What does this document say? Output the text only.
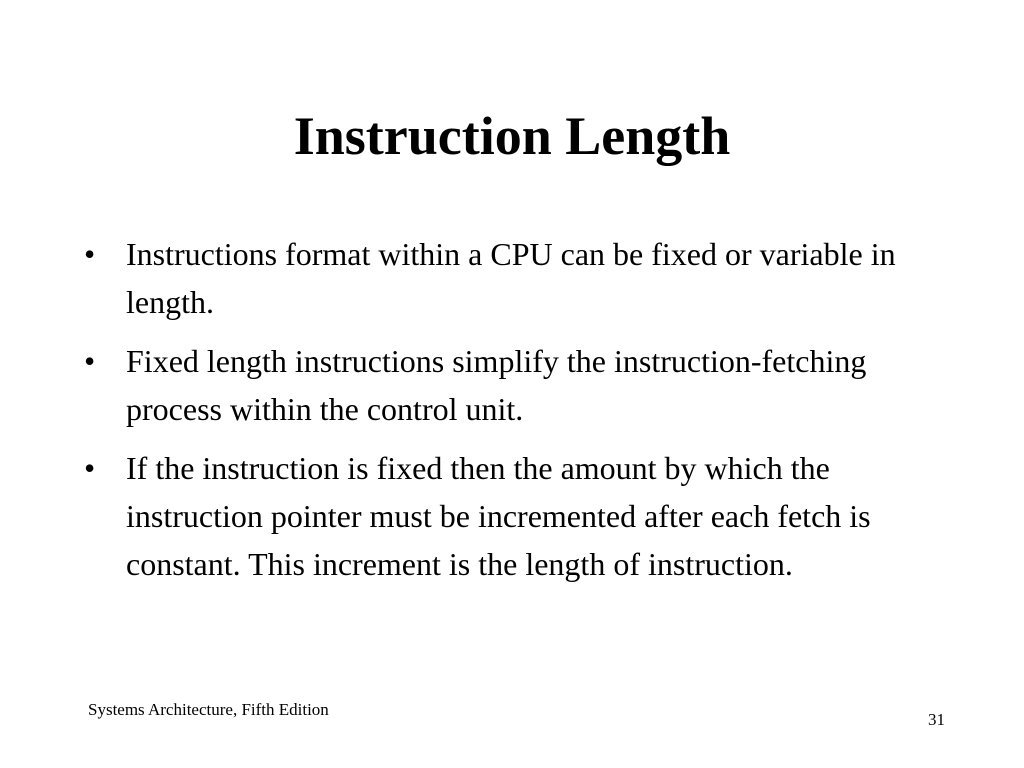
Instruction Length
• Instructions format within a CPU can be fixed or variable in length.
• Fixed length instructions simplify the instruction-fetching process within the control unit.
• If the instruction is fixed then the amount by which the instruction pointer must be incremented after each fetch is constant. This increment is the length of instruction.
Systems Architecture, Fifth Edition
31
